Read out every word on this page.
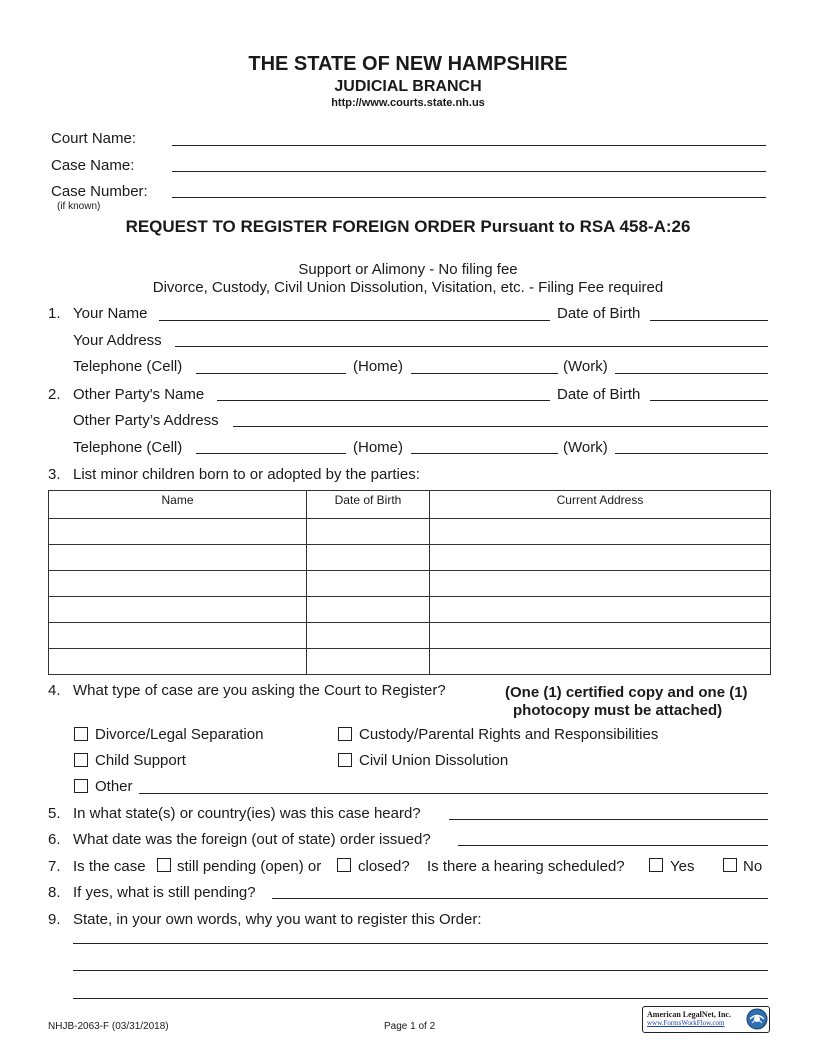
THE STATE OF NEW HAMPSHIRE
JUDICIAL BRANCH
http://www.courts.state.nh.us
Court Name:
Case Name:
Case Number:
(if known)
REQUEST TO REGISTER FOREIGN ORDER Pursuant to RSA 458-A:26
Support or Alimony - No filing fee
Divorce, Custody, Civil Union Dissolution, Visitation, etc. - Filing Fee required
1. Your Name	Date of Birth
Your Address
Telephone (Cell)	(Home)	(Work)
2. Other Party's Name	Date of Birth
Other Party’s Address
Telephone (Cell)	(Home)	(Work)
3. List minor children born to or adopted by the parties:
Name	Date of Birth	Current Address

4. What type of case are you asking the Court to Register?	(One (1) certified copy and one (1)
photocopy must be attached)
Divorce/Legal Separation	Custody/Parental Rights and Responsibilities
Child Support	Civil Union Dissolution
Other
5. In what state(s) or country(ies) was this case heard?
6. What date was the foreign (out of state) order issued?
7. Is the case still pending (open) or closed? Is there a hearing scheduled?	Yes	No
8. If yes, what is still pending?
9. State, in your own words, why you want to register this Order:
NHJB-2063-F (03/31/2018)	Page 1 of 2
American LegalNet, Inc.
www.FormsWorkFlow.com
